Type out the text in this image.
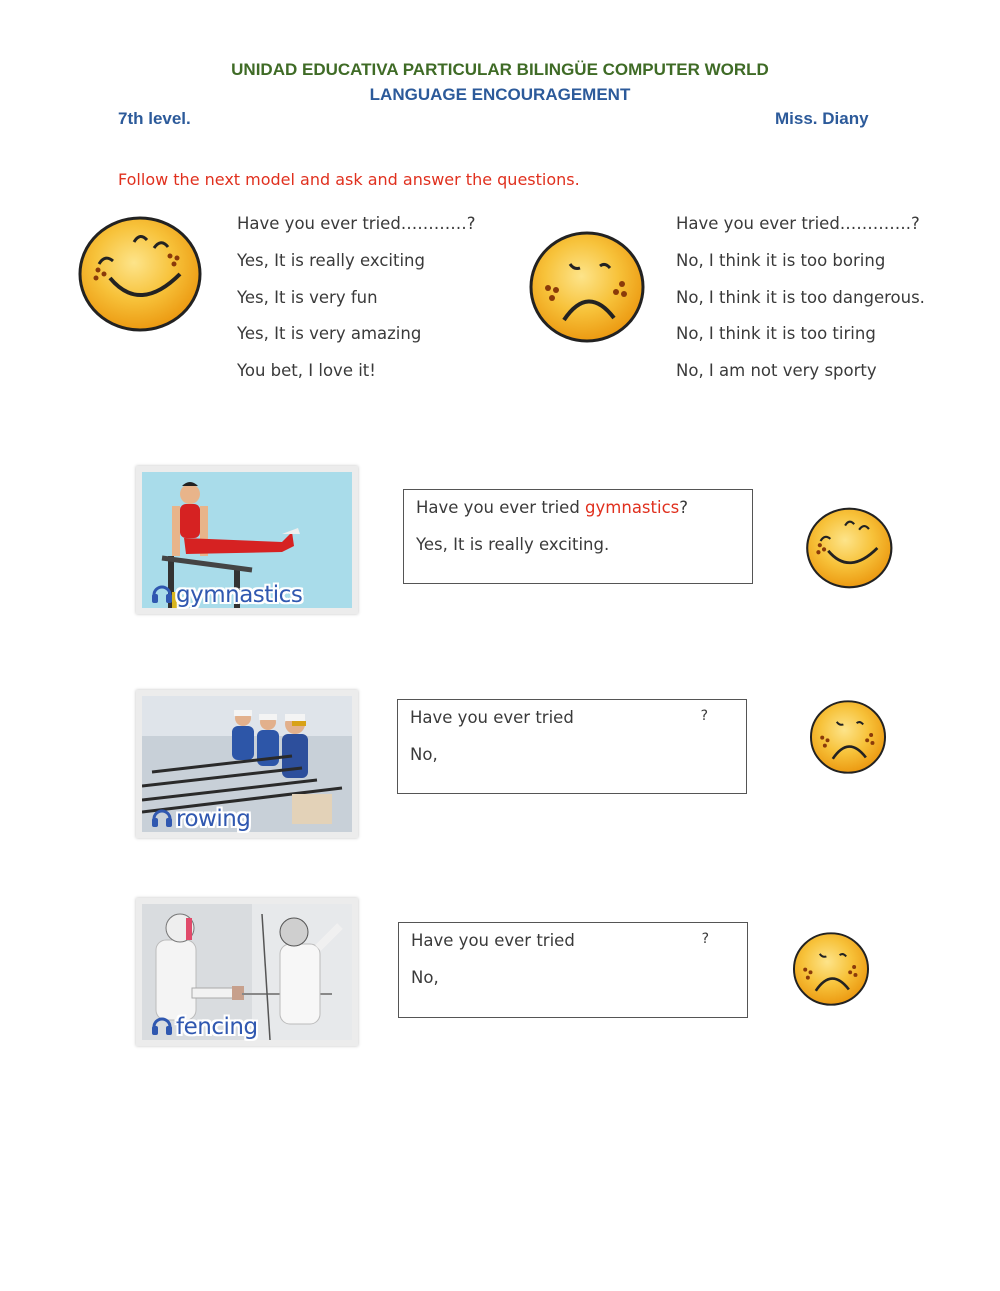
UNIDAD EDUCATIVA PARTICULAR BILINGÜE COMPUTER WORLD
LANGUAGE ENCOURAGEMENT
7th level.	Miss. Diany
Follow the next model and ask and answer the questions.
Have you ever tried…………?
Yes, It is really exciting
Yes, It is very fun
Yes, It is very amazing
You bet, I love it!
Have you ever tried………….?
No, I think it is too boring
No, I think it is too dangerous.
No, I think it is too tiring
No, I am not very sporty
gymnastics
Have you ever tried gymnastics?
Yes, It is really exciting.
rowing
Have you ever tried	?
No,
fencing
Have you ever tried	?
No,
